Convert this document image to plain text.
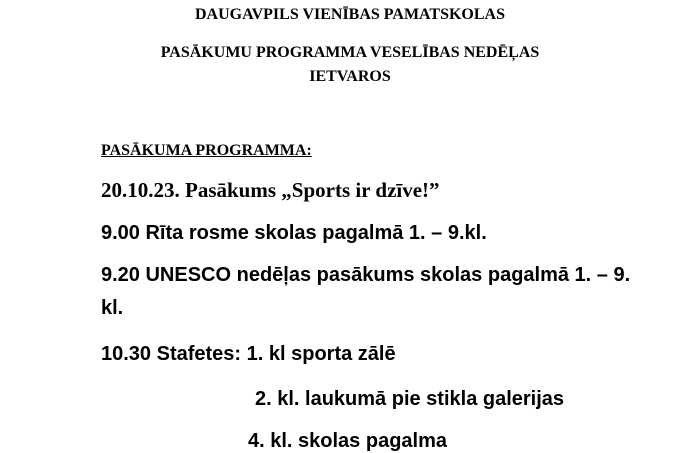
DAUGAVPILS VIENĪBAS PAMATSKOLAS
PASĀKUMU PROGRAMMA VESELĪBAS NEDĒĻAS
IETVAROS
PASĀKUMA PROGRAMMA:
20.10.23. Pasākums „Sports ir dzīve!”
9.00 Rīta rosme skolas pagalmā 1. – 9.kl.
9.20 UNESCO nedēļas pasākums skolas pagalmā 1. – 9.
kl.
10.30 Stafetes: 1. kl sporta zālē
2. kl. laukumā pie stikla galerijas
4. kl. skolas pagalma
